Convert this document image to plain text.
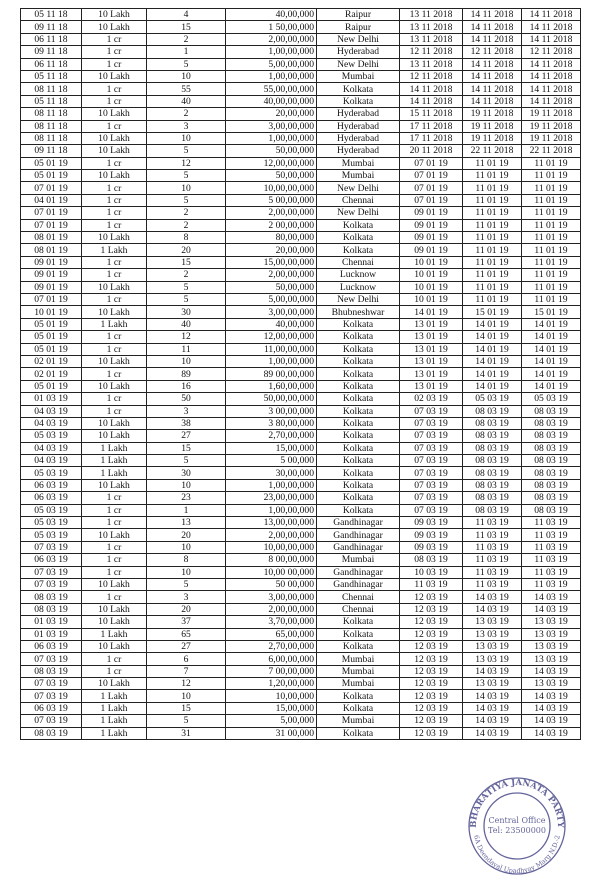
05 11 18	10 Lakh	4	40,00,000	Raipur	13 11 2018	14 11 2018	14 11 2018
09 11 18	10 Lakh	15	1 50,00,000	Raipur	13 11 2018	14 11 2018	14 11 2018
06 11 18	1 cr	2	2,00,00,000	New Delhi	13 11 2018	14 11 2018	14 11 2018
09 11 18	1 cr	1	1,00,00,000	Hyderabad	12 11 2018	12 11 2018	12 11 2018
06 11 18	1 cr	5	5,00,00,000	New Delhi	13 11 2018	14 11 2018	14 11 2018
05 11 18	10 Lakh	10	1,00,00,000	Mumbai	12 11 2018	14 11 2018	14 11 2018
08 11 18	1 cr	55	55,00,00,000	Kolkata	14 11 2018	14 11 2018	14 11 2018
05 11 18	1 cr	40	40,00,00,000	Kolkata	14 11 2018	14 11 2018	14 11 2018
08 11 18	10 Lakh	2	20,00,000	Hyderabad	15 11 2018	19 11 2018	19 11 2018
08 11 18	1 cr	3	3,00,00,000	Hyderabad	17 11 2018	19 11 2018	19 11 2018
08 11 18	10 Lakh	10	1,00,00,000	Hyderabad	17 11 2018	19 11 2018	19 11 2018
09 11 18	10 Lakh	5	50,00,000	Hyderabad	20 11 2018	22 11 2018	22 11 2018
05 01 19	1 cr	12	12,00,00,000	Mumbai	07 01 19	11 01 19	11 01 19
05 01 19	10 Lakh	5	50,00,000	Mumbai	07 01 19	11 01 19	11 01 19
07 01 19	1 cr	10	10,00,00,000	New Delhi	07 01 19	11 01 19	11 01 19
04 01 19	1 cr	5	5 00,00,000	Chennai	07 01 19	11 01 19	11 01 19
07 01 19	1 cr	2	2,00,00,000	New Delhi	09 01 19	11 01 19	11 01 19
07 01 19	1 cr	2	2 00,00,000	Kolkata	09 01 19	11 01 19	11 01 19
08 01 19	10 Lakh	8	80,00,000	Kolkata	09 01 19	11 01 19	11 01 19
08 01 19	1 Lakh	20	20,00,000	Kolkata	09 01 19	11 01 19	11 01 19
09 01 19	1 cr	15	15,00,00,000	Chennai	10 01 19	11 01 19	11 01 19
09 01 19	1 cr	2	2,00,00,000	Lucknow	10 01 19	11 01 19	11 01 19
09 01 19	10 Lakh	5	50,00,000	Lucknow	10 01 19	11 01 19	11 01 19
07 01 19	1 cr	5	5,00,00,000	New Delhi	10 01 19	11 01 19	11 01 19
10 01 19	10 Lakh	30	3,00,00,000	Bhubneshwar	14 01 19	15 01 19	15 01 19
05 01 19	1 Lakh	40	40,00,000	Kolkata	13 01 19	14 01 19	14 01 19
05 01 19	1 cr	12	12,00,00,000	Kolkata	13 01 19	14 01 19	14 01 19
05 01 19	1 cr	11	11,00,00,000	Kolkata	13 01 19	14 01 19	14 01 19
02 01 19	10 Lakh	10	1,00,00,000	Kolkata	13 01 19	14 01 19	14 01 19
02 01 19	1 cr	89	89 00,00,000	Kolkata	13 01 19	14 01 19	14 01 19
05 01 19	10 Lakh	16	1,60,00,000	Kolkata	13 01 19	14 01 19	14 01 19
01 03 19	1 cr	50	50,00,00,000	Kolkata	02 03 19	05 03 19	05 03 19
04 03 19	1 cr	3	3 00,00,000	Kolkata	07 03 19	08 03 19	08 03 19
04 03 19	10 Lakh	38	3 80,00,000	Kolkata	07 03 19	08 03 19	08 03 19
05 03 19	10 Lakh	27	2,70,00,000	Kolkata	07 03 19	08 03 19	08 03 19
04 03 19	1 Lakh	15	15,00,000	Kolkata	07 03 19	08 03 19	08 03 19
04 03 19	1 Lakh	5	5 00,000	Kolkata	07 03 19	08 03 19	08 03 19
05 03 19	1 Lakh	30	30,00,000	Kolkata	07 03 19	08 03 19	08 03 19
06 03 19	10 Lakh	10	1,00,00,000	Kolkata	07 03 19	08 03 19	08 03 19
06 03 19	1 cr	23	23,00,00,000	Kolkata	07 03 19	08 03 19	08 03 19
05 03 19	1 cr	1	1,00,00,000	Kolkata	07 03 19	08 03 19	08 03 19
05 03 19	1 cr	13	13,00,00,000	Gandhinagar	09 03 19	11 03 19	11 03 19
05 03 19	10 Lakh	20	2,00,00,000	Gandhinagar	09 03 19	11 03 19	11 03 19
07 03 19	1 cr	10	10,00,00,000	Gandhinagar	09 03 19	11 03 19	11 03 19
06 03 19	1 cr	8	8 00,00,000	Mumbai	08 03 19	11 03 19	11 03 19
07 03 19	1 cr	10	10,00 00,000	Gandhinagar	10 03 19	11 03 19	11 03 19
07 03 19	10 Lakh	5	50 00,000	Gandhinagar	11 03 19	11 03 19	11 03 19
08 03 19	1 cr	3	3,00,00,000	Chennai	12 03 19	14 03 19	14 03 19
08 03 19	10 Lakh	20	2,00,00,000	Chennai	12 03 19	14 03 19	14 03 19
01 03 19	10 Lakh	37	3,70,00,000	Kolkata	12 03 19	13 03 19	13 03 19
01 03 19	1 Lakh	65	65,00,000	Kolkata	12 03 19	13 03 19	13 03 19
06 03 19	10 Lakh	27	2,70,00,000	Kolkata	12 03 19	13 03 19	13 03 19
07 03 19	1 cr	6	6,00,00,000	Mumbai	12 03 19	13 03 19	13 03 19
08 03 19	1 cr	7	7 00,00,000	Mumbai	12 03 19	14 03 19	14 03 19
07 03 19	10 Lakh	12	1,20,00,000	Mumbai	12 03 19	13 03 19	13 03 19
07 03 19	1 Lakh	10	10,00,000	Kolkata	12 03 19	14 03 19	14 03 19
06 03 19	1 Lakh	15	15,00,000	Kolkata	12 03 19	14 03 19	14 03 19
07 03 19	1 Lakh	5	5,00,000	Mumbai	12 03 19	14 03 19	14 03 19
08 03 19	1 Lakh	31	31 00,000	Kolkata	12 03 19	14 03 19	14 03 19
BHARATIYA JANATA PARTY
6A Deendayal Upadhyay Marg N.D.-2
Central Office
Tel: 23500000
